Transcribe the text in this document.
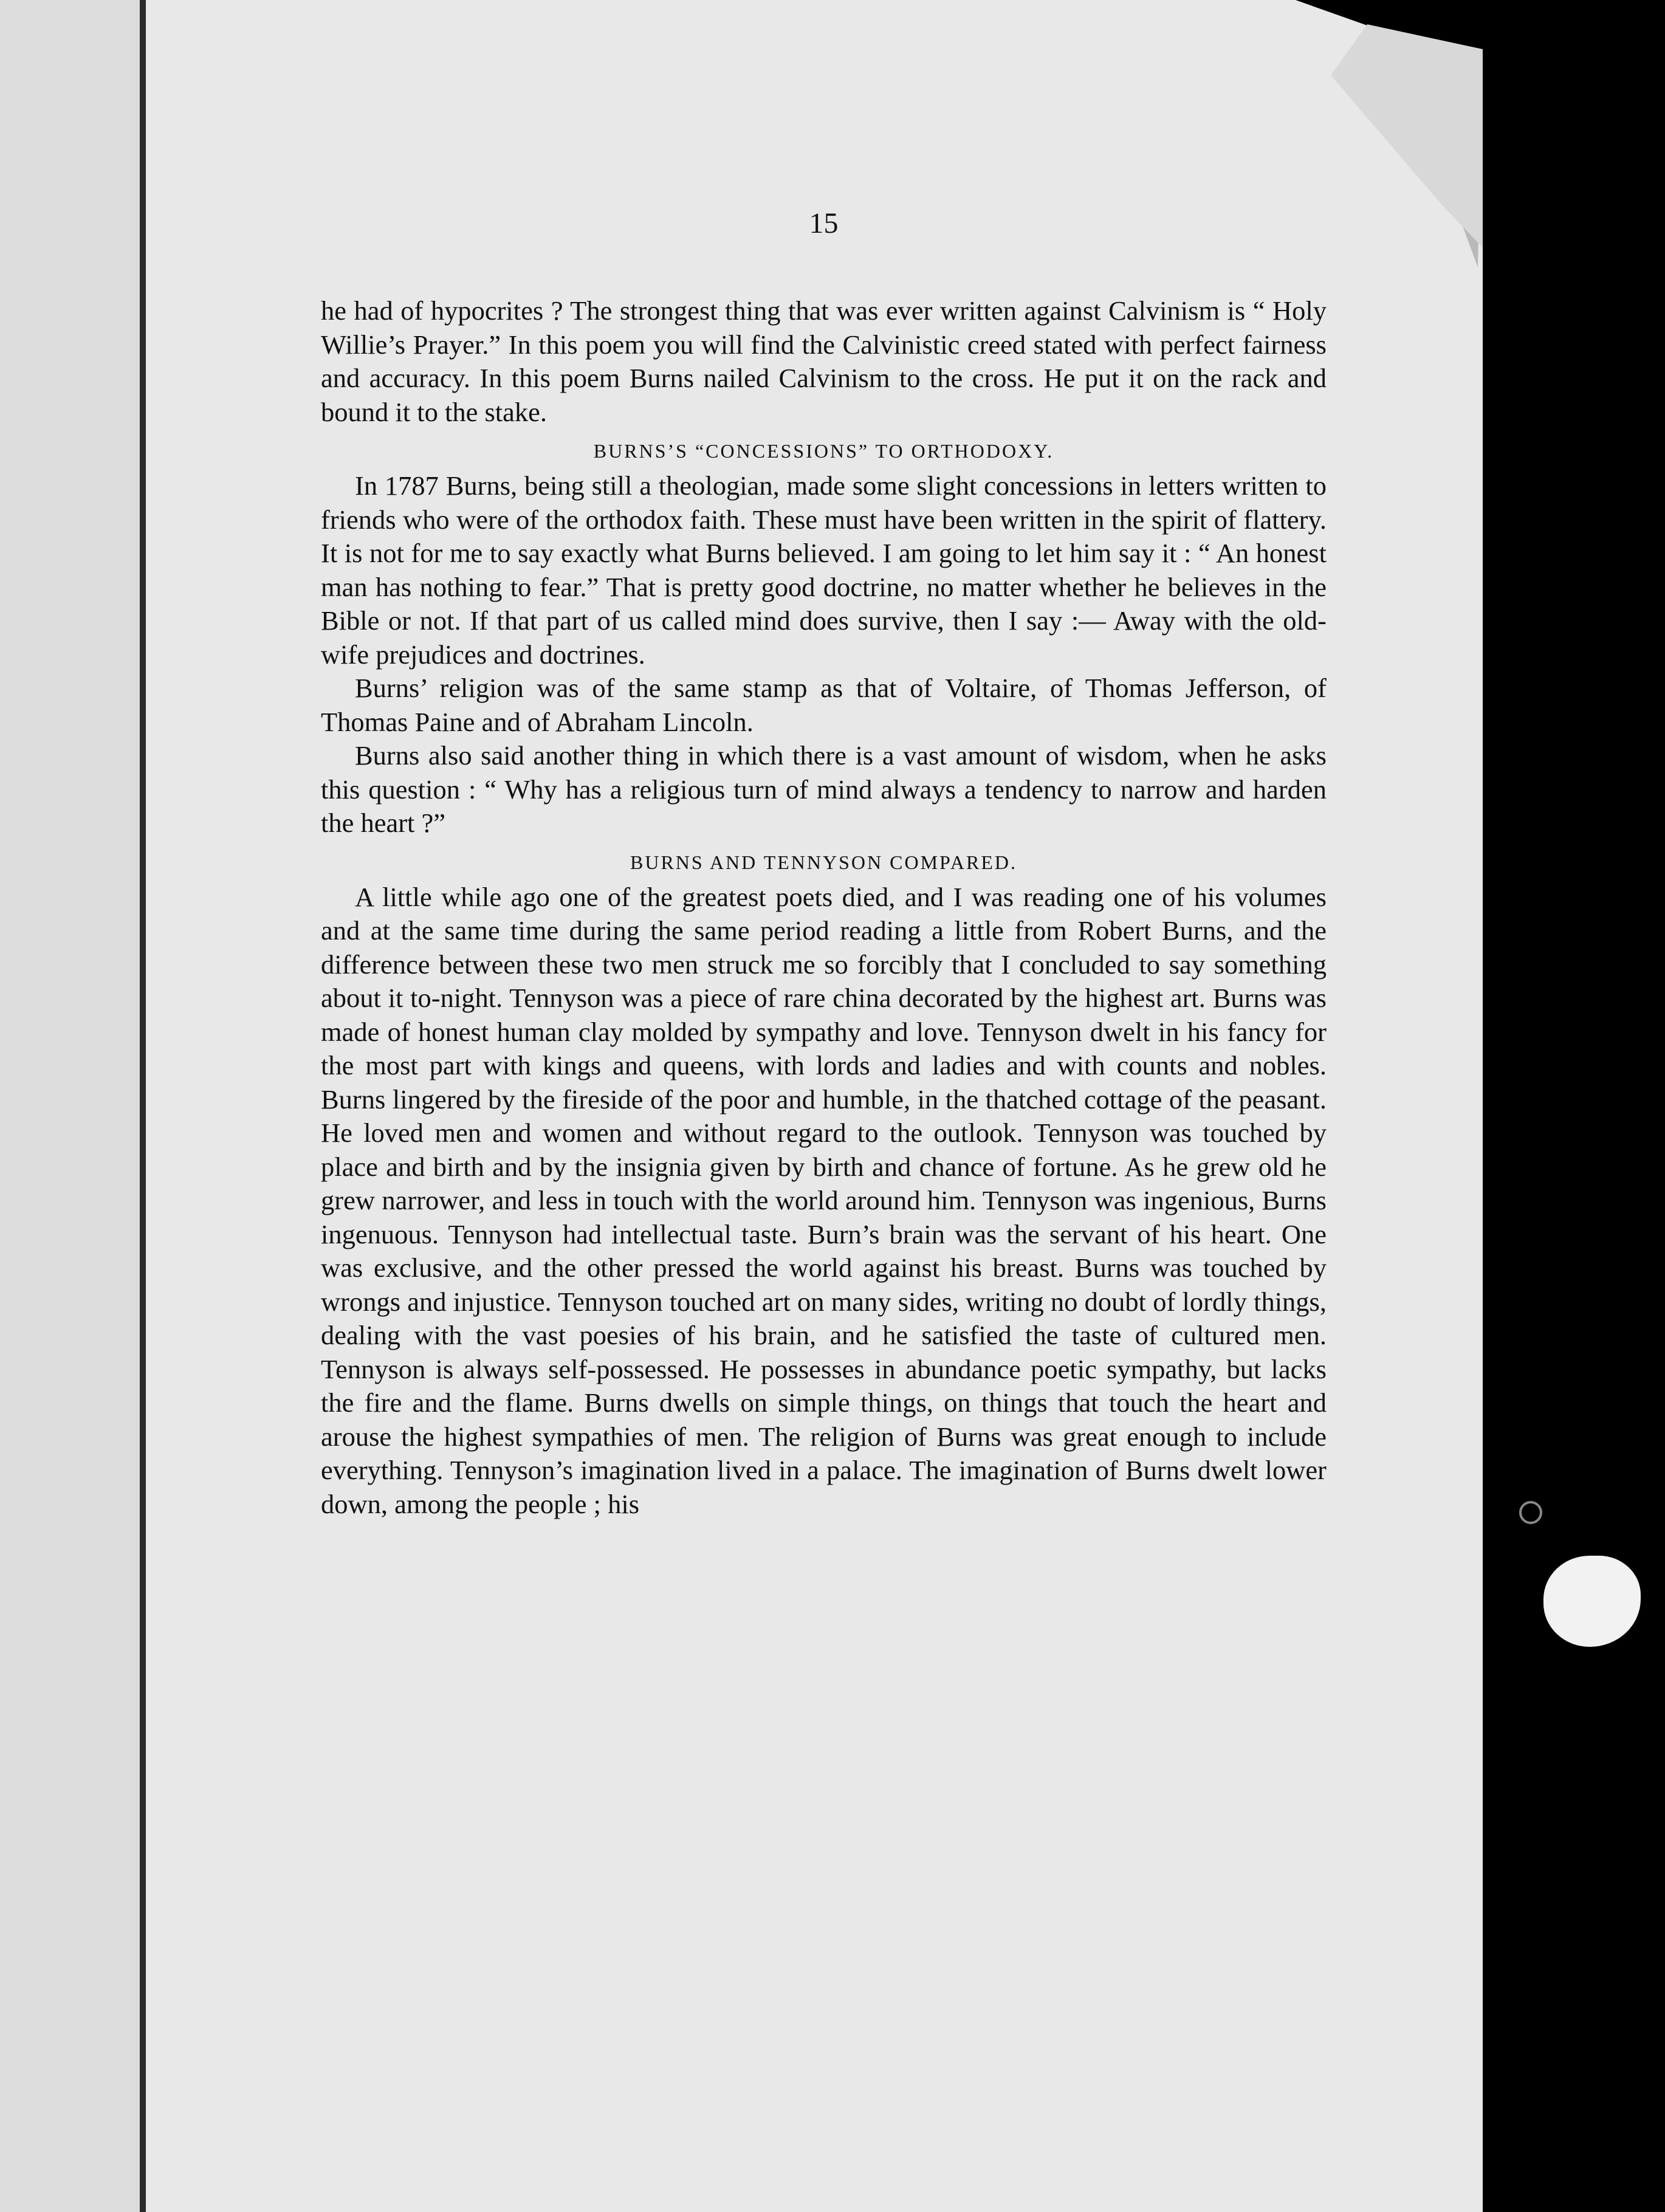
15

he had of hypocrites ? The strongest thing that was ever written against Calvinism is “ Holy Willie’s Prayer.” In this poem you will find the Calvinistic creed stated with perfect fairness and accuracy. In this poem Burns nailed Calvinism to the cross. He put it on the rack and bound it to the stake.

BURNS’S “CONCESSIONS” TO ORTHODOXY.

In 1787 Burns, being still a theologian, made some slight concessions in letters written to friends who were of the orthodox faith. These must have been written in the spirit of flattery. It is not for me to say exactly what Burns believed. I am going to let him say it : “ An honest man has nothing to fear.” That is pretty good doctrine, no matter whether he believes in the Bible or not. If that part of us called mind does survive, then I say :— Away with the old-wife prejudices and doctrines.

Burns’ religion was of the same stamp as that of Voltaire, of Thomas Jefferson, of Thomas Paine and of Abraham Lincoln.

Burns also said another thing in which there is a vast amount of wisdom, when he asks this question : “ Why has a religious turn of mind always a tendency to narrow and harden the heart ?”

BURNS AND TENNYSON COMPARED.

A little while ago one of the greatest poets died, and I was reading one of his volumes and at the same time during the same period reading a little from Robert Burns, and the difference between these two men struck me so forcibly that I concluded to say something about it to-night. Tennyson was a piece of rare china decorated by the highest art. Burns was made of honest human clay molded by sympathy and love. Tennyson dwelt in his fancy for the most part with kings and queens, with lords and ladies and with counts and nobles. Burns lingered by the fireside of the poor and humble, in the thatched cottage of the peasant. He loved men and women and without regard to the outlook. Tennyson was touched by place and birth and by the insignia given by birth and chance of fortune. As he grew old he grew narrower, and less in touch with the world around him. Tennyson was ingenious, Burns ingenuous. Tennyson had intellectual taste. Burn’s brain was the servant of his heart. One was exclusive, and the other pressed the world against his breast. Burns was touched by wrongs and injustice. Tennyson touched art on many sides, writing no doubt of lordly things, dealing with the vast poesies of his brain, and he satisfied the taste of cultured men. Tennyson is always self-possessed. He possesses in abundance poetic sympathy, but lacks the fire and the flame. Burns dwells on simple things, on things that touch the heart and arouse the highest sympathies of men. The religion of Burns was great enough to include everything. Tennyson’s imagination lived in a palace. The imagination of Burns dwelt lower down, among the people ; his
